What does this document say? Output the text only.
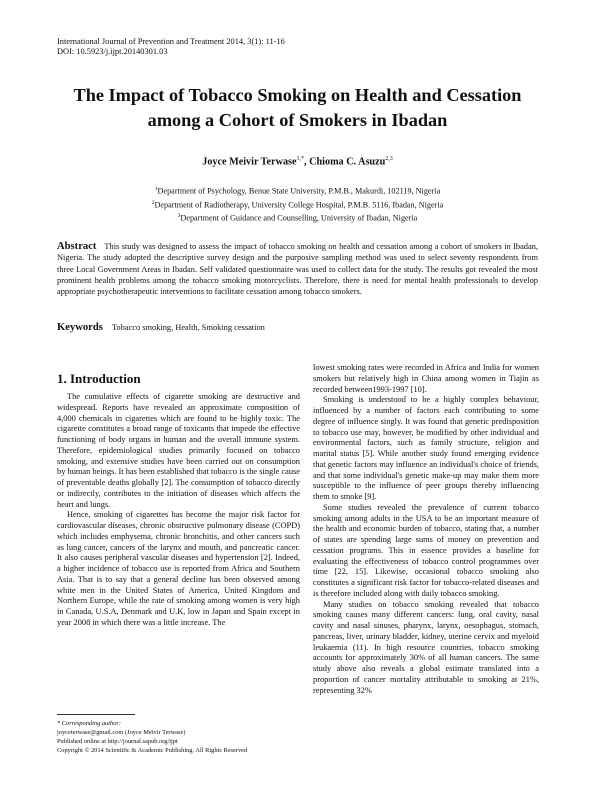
International Journal of Prevention and Treatment 2014, 3(1): 11-16
DOI: 10.5923/j.ijpt.20140301.03
The Impact of Tobacco Smoking on Health and Cessation
among a Cohort of Smokers in Ibadan
Joyce Meivir Terwase$^{1,*}$, Chioma C. Asuzu$^{2,3}$
$^1$Department of Psychology, Benue State University, P.M.B., Makurdi, 102119, Nigeria
$^2$Department of Radiotherapy, University College Hospital, P.M.B. 5116, Ibadan, Nigeria
$^3$Department of Guidance and Counselling, University of Ibadan, Nigeria
Abstract This study was designed to assess the impact of tobacco smoking on health and cessation among a cohort of smokers in Ibadan, Nigeria. The study adopted the descriptive survey design and the purposive sampling method was used to select seventy respondents from three Local Government Areas in Ibadan. Self validated questionnaire was used to collect data for the study. The results got revealed the most prominent health problems among the tobacco smoking motorcyclists. Therefore, there is need for mental health professionals to develop appropriate psychotherapeutic interventions to facilitate cessation among tobacco smokers.
Keywords Tobacco smoking, Health, Smoking cessation
1. Introduction

The cumulative effects of cigarette smoking are destructive and widespread. Reports have revealed an approximate composition of 4,000 chemicals in cigarettes which are found to be highly toxic. The cigarette constitutes a broad range of toxicants that impede the effective functioning of body organs in human and the overall immune system. Therefore, epidemiological studies primarily focused on tobacco smoking, and extensive studies have been carried out on consumption by human beings. It has been established that tobacco is the single cause of preventable deaths globally [2]. The consumption of tobacco directly or indirectly, contributes to the initiation of diseases which affects the heart and lungs.

Hence, smoking of cigarettes has become the major risk factor for cardiovascular diseases, chronic obstructive pulmonary disease (COPD) which includes emphysema, chronic bronchitis, and other cancers such as lung cancer, cancers of the larynx and mouth, and pancreatic cancer. It also causes peripheral vascular diseases and hypertension [2]. Indeed, a higher incidence of tobacco use is reported from Africa and Southern Asia. That is to say that a general decline has been observed among white men in the United States of America, United Kingdom and Northern Europe, while the rate of smoking among women is very high in Canada, U.S.A, Denmark and U.K, low in Japan and Spain except in year 2008 in which there was a little increase. The

lowest smoking rates were recorded in Africa and India for women smokers but relatively high in China among women in Tiajin as recorded between1993-1997 [10].

Smoking is understood to be a highly complex behaviour, influenced by a number of factors each contributing to some degree of influence singly. It was found that genetic predisposition to tobacco use may, however, be modified by other individual and environmental factors, such as family structure, religion and marital status [5]. While another study found emerging evidence that genetic factors may influence an individual's choice of friends, and that some individual's genetic make-up may make them more susceptible to the influence of peer groups thereby influencing them to smoke [9].

Some studies revealed the prevalence of current tobacco smoking among adults in the USA to be an important measure of the health and economic burden of tobacco, stating that, a number of states are spending large sums of money on prevention and cessation programs. This in essence provides a baseline for evaluating the effectiveness of tobacco control programmes over time [22, 15]. Likewise, occasional tobacco smoking also constitutes a significant risk factor for tobacco-related diseases and is therefore included along with daily tobacco smoking.

Many studies on tobacco smoking revealed that tobacco smoking causes many different cancers: lung, oral cavity, nasal cavity and nasal sinuses, pharynx, larynx, oesophagus, stomach, pancreas, liver, urinary bladder, kidney, uterine cervix and myeloid leukaemia (11). In high resource countries, tobacco smoking accounts for approximately 30% of all human cancers. The same study above also reveals a global estimate translated into a proportion of cancer mortality attributable to smoking at 21%, representing 32%

* Corresponding author:
joyceterwase@gmail.com (Joyce Meivir Terwase)
Published online at http://journal.sapub.org/ijpt
Copyright © 2014 Scientific & Academic Publishing. All Rights Reserved
